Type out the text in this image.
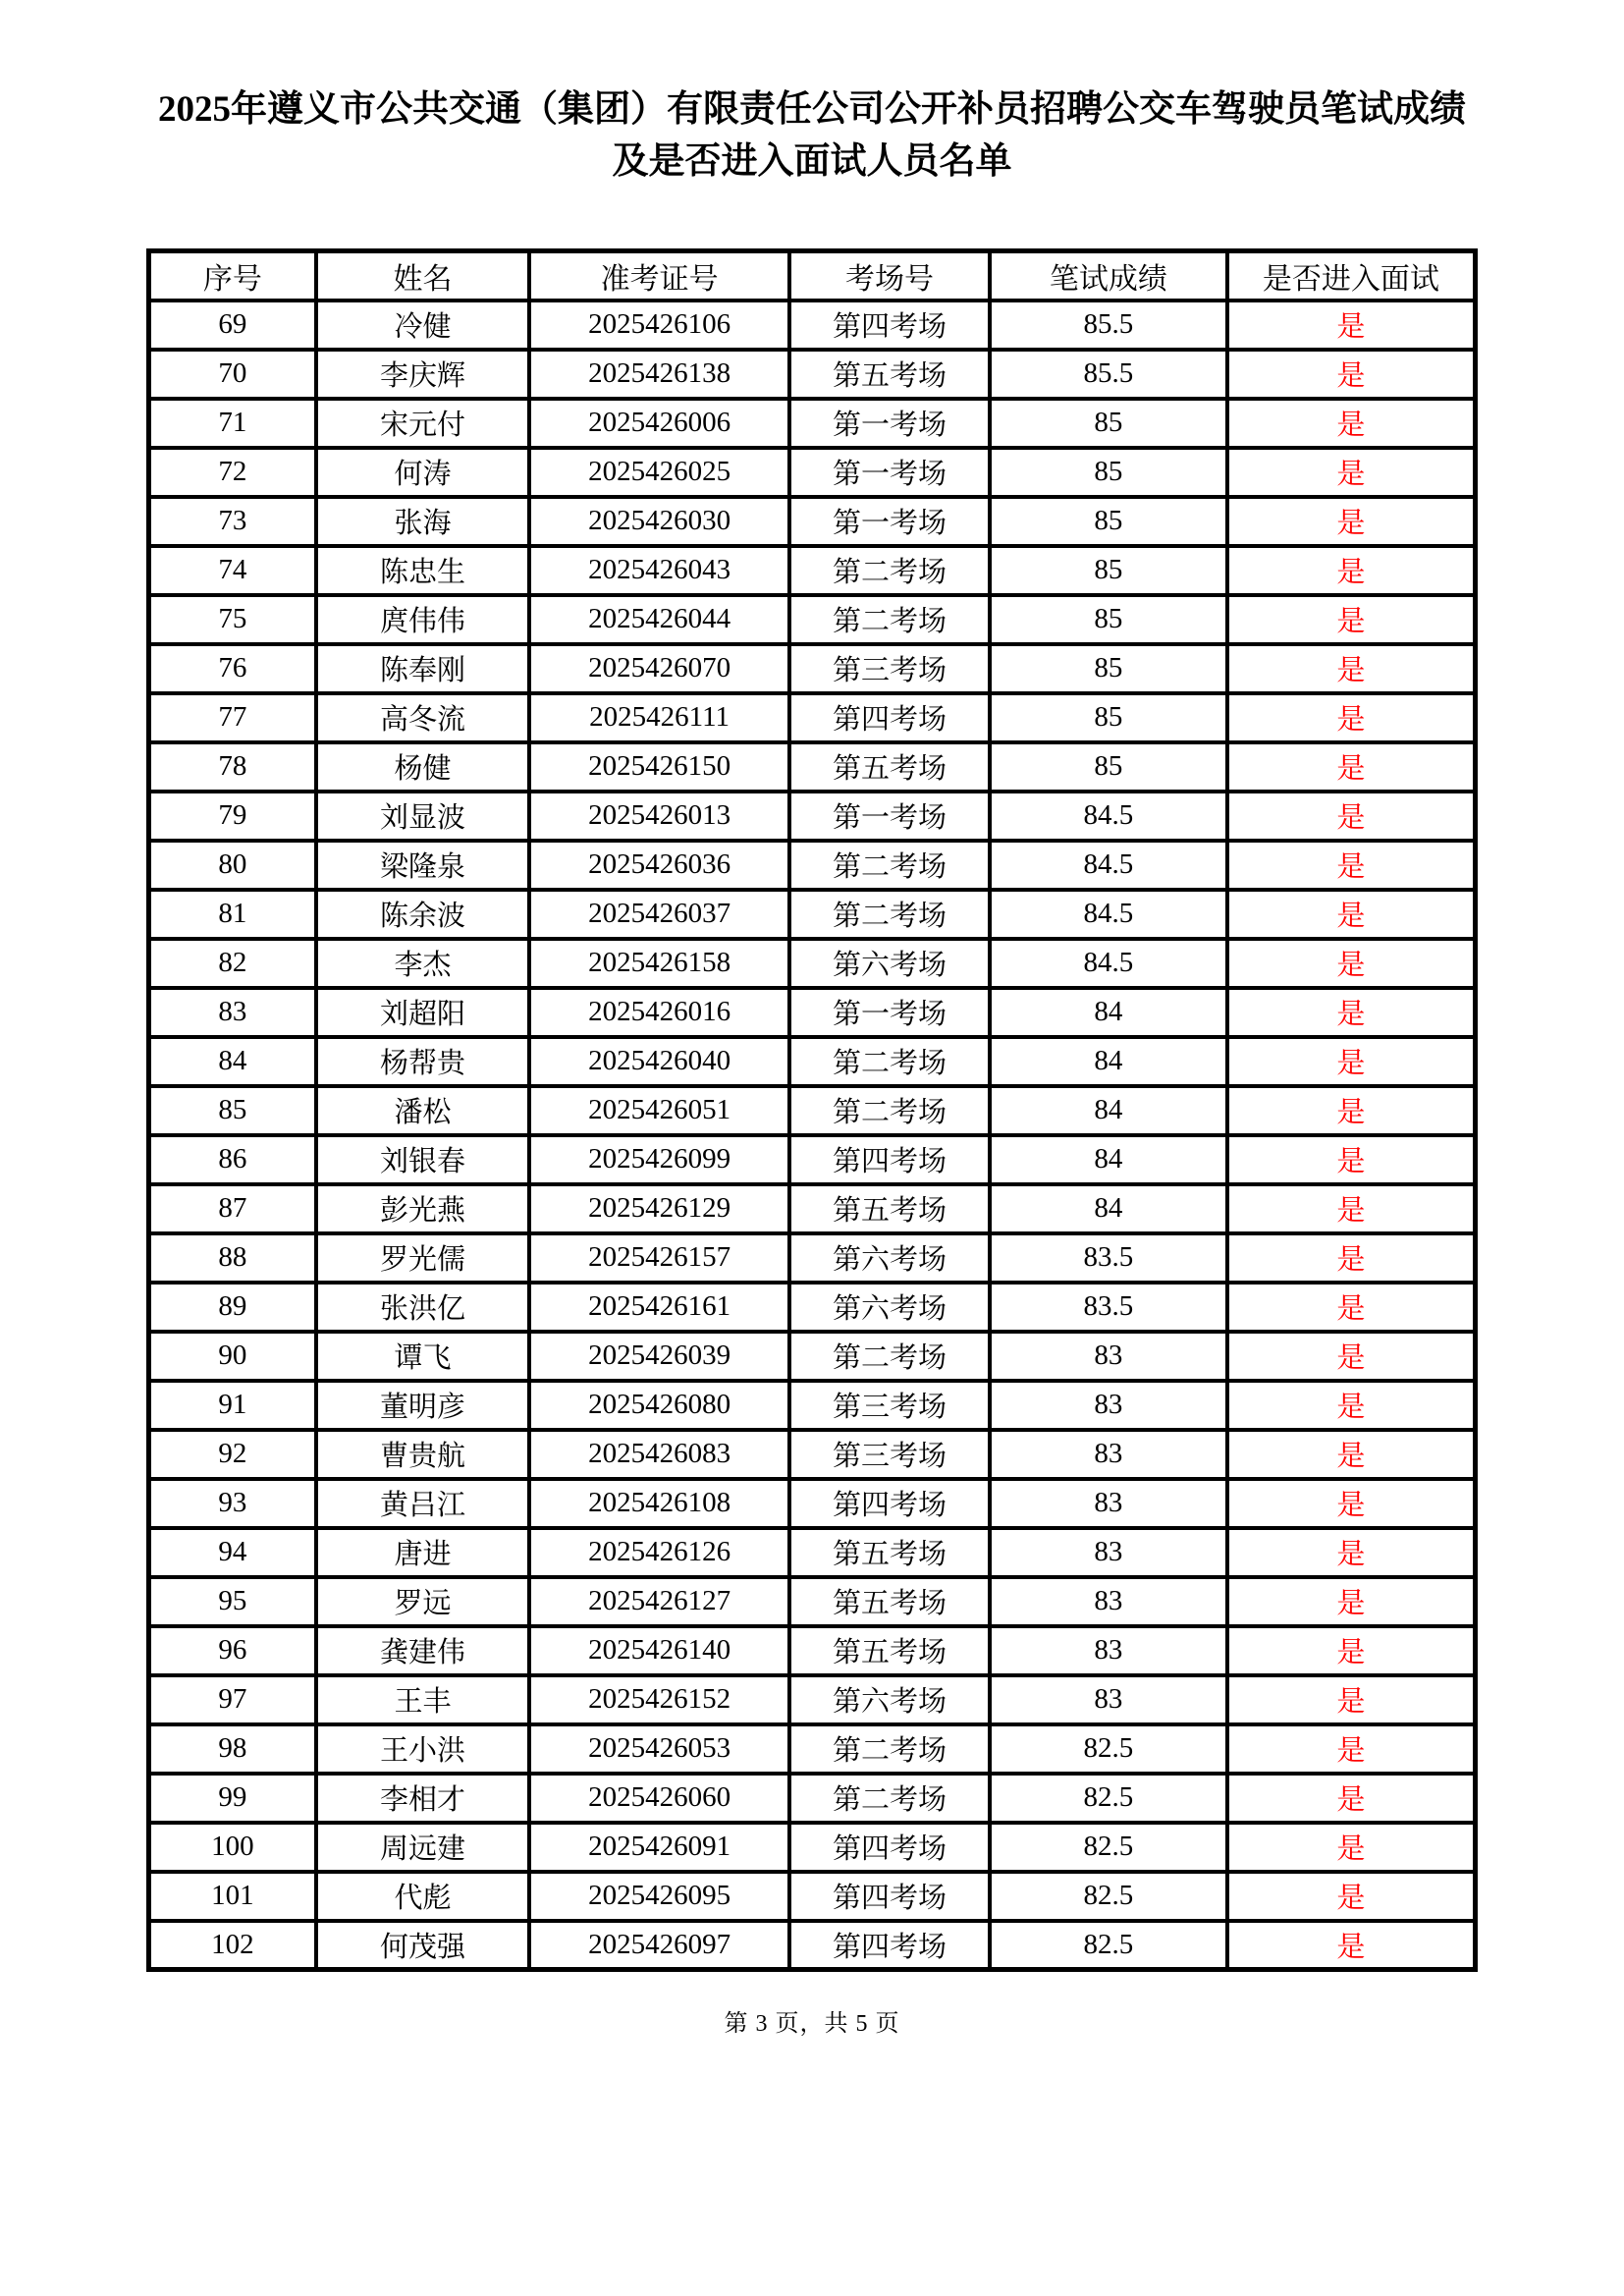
2025年遵义市公共交通（集团）有限责任公司公开补员招聘公交车驾驶员笔试成绩
及是否进入面试人员名单
序号	姓名	准考证号	考场号	笔试成绩	是否进入面试
69	冷健	2025426106	第四考场	85.5	是
70	李庆辉	2025426138	第五考场	85.5	是
71	宋元付	2025426006	第一考场	85	是
72	何涛	2025426025	第一考场	85	是
73	张海	2025426030	第一考场	85	是
74	陈忠生	2025426043	第二考场	85	是
75	庹伟伟	2025426044	第二考场	85	是
76	陈奉刚	2025426070	第三考场	85	是
77	高冬流	2025426111	第四考场	85	是
78	杨健	2025426150	第五考场	85	是
79	刘显波	2025426013	第一考场	84.5	是
80	梁隆泉	2025426036	第二考场	84.5	是
81	陈余波	2025426037	第二考场	84.5	是
82	李杰	2025426158	第六考场	84.5	是
83	刘超阳	2025426016	第一考场	84	是
84	杨帮贵	2025426040	第二考场	84	是
85	潘松	2025426051	第二考场	84	是
86	刘银春	2025426099	第四考场	84	是
87	彭光燕	2025426129	第五考场	84	是
88	罗光儒	2025426157	第六考场	83.5	是
89	张洪亿	2025426161	第六考场	83.5	是
90	谭飞	2025426039	第二考场	83	是
91	董明彦	2025426080	第三考场	83	是
92	曹贵航	2025426083	第三考场	83	是
93	黄吕江	2025426108	第四考场	83	是
94	唐进	2025426126	第五考场	83	是
95	罗远	2025426127	第五考场	83	是
96	龚建伟	2025426140	第五考场	83	是
97	王丰	2025426152	第六考场	83	是
98	王小洪	2025426053	第二考场	82.5	是
99	李相才	2025426060	第二考场	82.5	是
100	周远建	2025426091	第四考场	82.5	是
101	代彪	2025426095	第四考场	82.5	是
102	何茂强	2025426097	第四考场	82.5	是
第 3 页，共 5 页
